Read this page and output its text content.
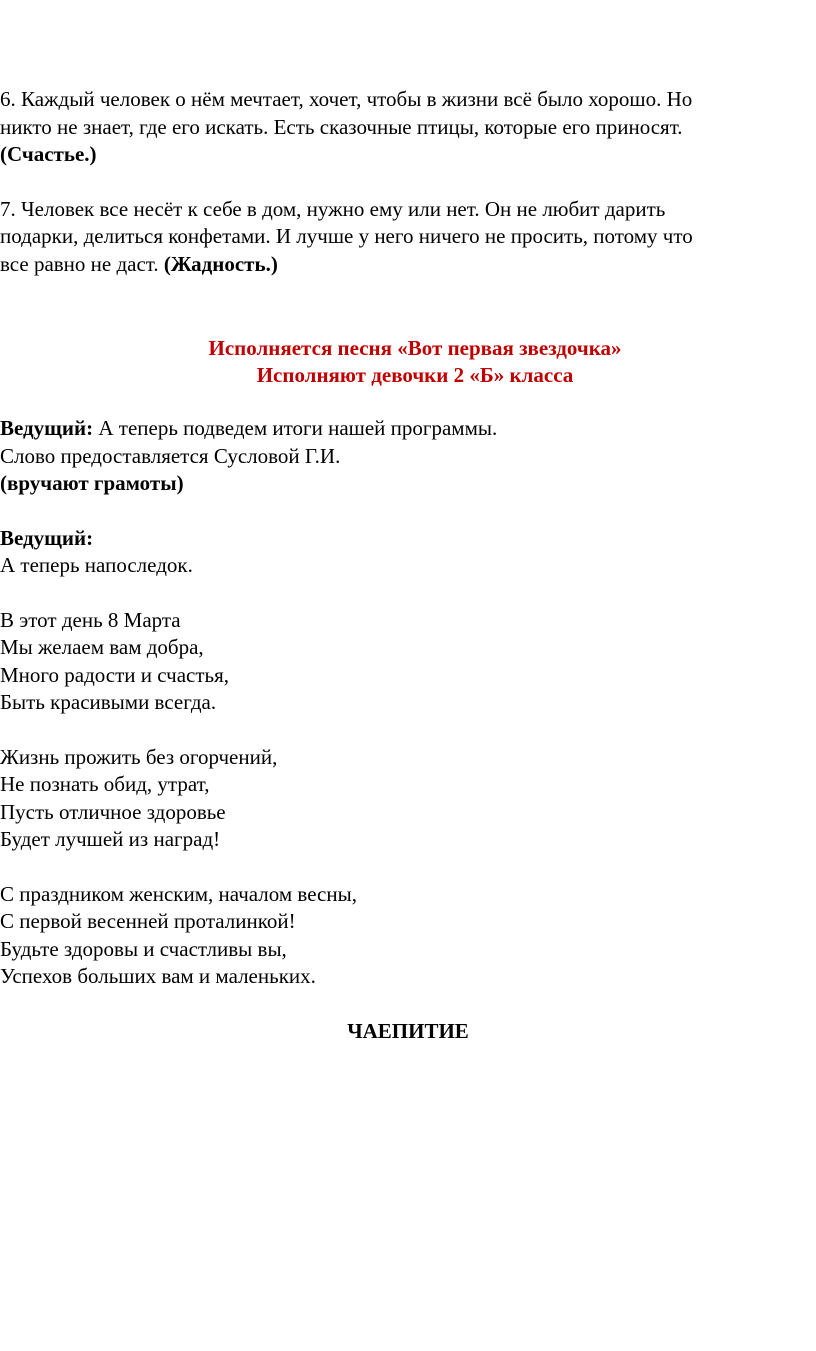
6. Каждый человек о нём мечтает, хочет, чтобы в жизни всё было хорошо. Но

никто не знает, где его искать. Есть сказочные птицы, которые его приносят.

(Счастье.)

7. Человек все несёт к себе в дом, нужно ему или нет. Он не любит дарить

подарки, делиться конфетами. И лучше у него ничего не просить, потому что

все равно не даст. (Жадность.)

Исполняется песня «Вот первая звездочка»

Исполняют девочки 2 «Б» класса

Ведущий: А теперь подведем итоги нашей программы.

Слово предоставляется Сусловой Г.И.

(вручают грамоты)

Ведущий:

А теперь напоследок.

В этот день 8 Марта

Мы желаем вам добра,

Много радости и счастья,

Быть красивыми всегда.

Жизнь прожить без огорчений,

Не познать обид, утрат,

Пусть отличное здоровье

Будет лучшей из наград!

С праздником женским, началом весны,

С первой весенней проталинкой!

Будьте здоровы и счастливы вы,

Успехов больших вам и маленьких.

ЧАЕПИТИЕ
